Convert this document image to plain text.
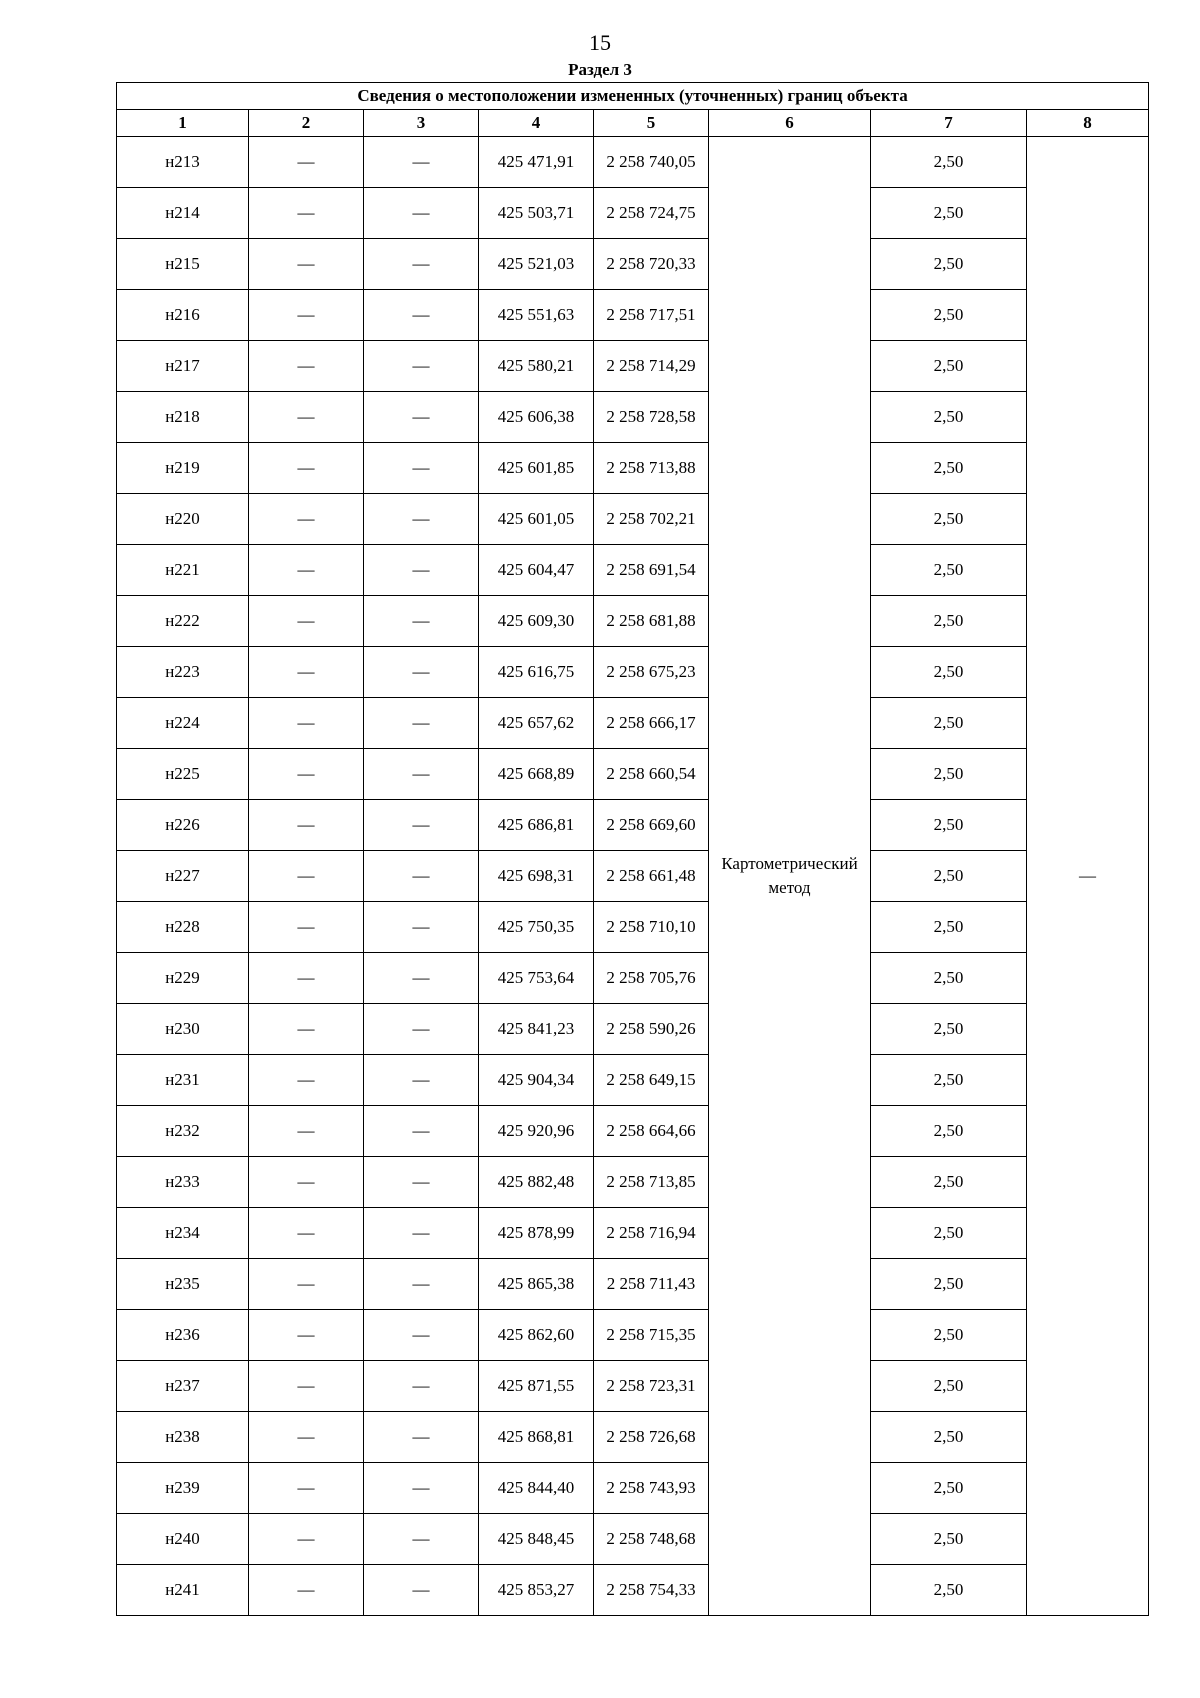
15
Раздел 3
Сведения о местоположении измененных (уточненных) границ объекта							
1	2	3	4	5	6	7	8
н213	—	—	425 471,91	2 258 740,05	Картометрический метод	2,50	—
н214	—	—	425 503,71	2 258 724,75		2,50	
н215	—	—	425 521,03	2 258 720,33		2,50	
н216	—	—	425 551,63	2 258 717,51		2,50	
н217	—	—	425 580,21	2 258 714,29		2,50	
н218	—	—	425 606,38	2 258 728,58		2,50	
н219	—	—	425 601,85	2 258 713,88		2,50	
н220	—	—	425 601,05	2 258 702,21		2,50	
н221	—	—	425 604,47	2 258 691,54		2,50	
н222	—	—	425 609,30	2 258 681,88		2,50	
н223	—	—	425 616,75	2 258 675,23		2,50	
н224	—	—	425 657,62	2 258 666,17		2,50	
н225	—	—	425 668,89	2 258 660,54		2,50	
н226	—	—	425 686,81	2 258 669,60		2,50	
н227	—	—	425 698,31	2 258 661,48		2,50	
н228	—	—	425 750,35	2 258 710,10		2,50	
н229	—	—	425 753,64	2 258 705,76		2,50	
н230	—	—	425 841,23	2 258 590,26		2,50	
н231	—	—	425 904,34	2 258 649,15		2,50	
н232	—	—	425 920,96	2 258 664,66		2,50	
н233	—	—	425 882,48	2 258 713,85		2,50	
н234	—	—	425 878,99	2 258 716,94		2,50	
н235	—	—	425 865,38	2 258 711,43		2,50	
н236	—	—	425 862,60	2 258 715,35		2,50	
н237	—	—	425 871,55	2 258 723,31		2,50	
н238	—	—	425 868,81	2 258 726,68		2,50	
н239	—	—	425 844,40	2 258 743,93		2,50	
н240	—	—	425 848,45	2 258 748,68		2,50	
н241	—	—	425 853,27	2 258 754,33		2,50	
